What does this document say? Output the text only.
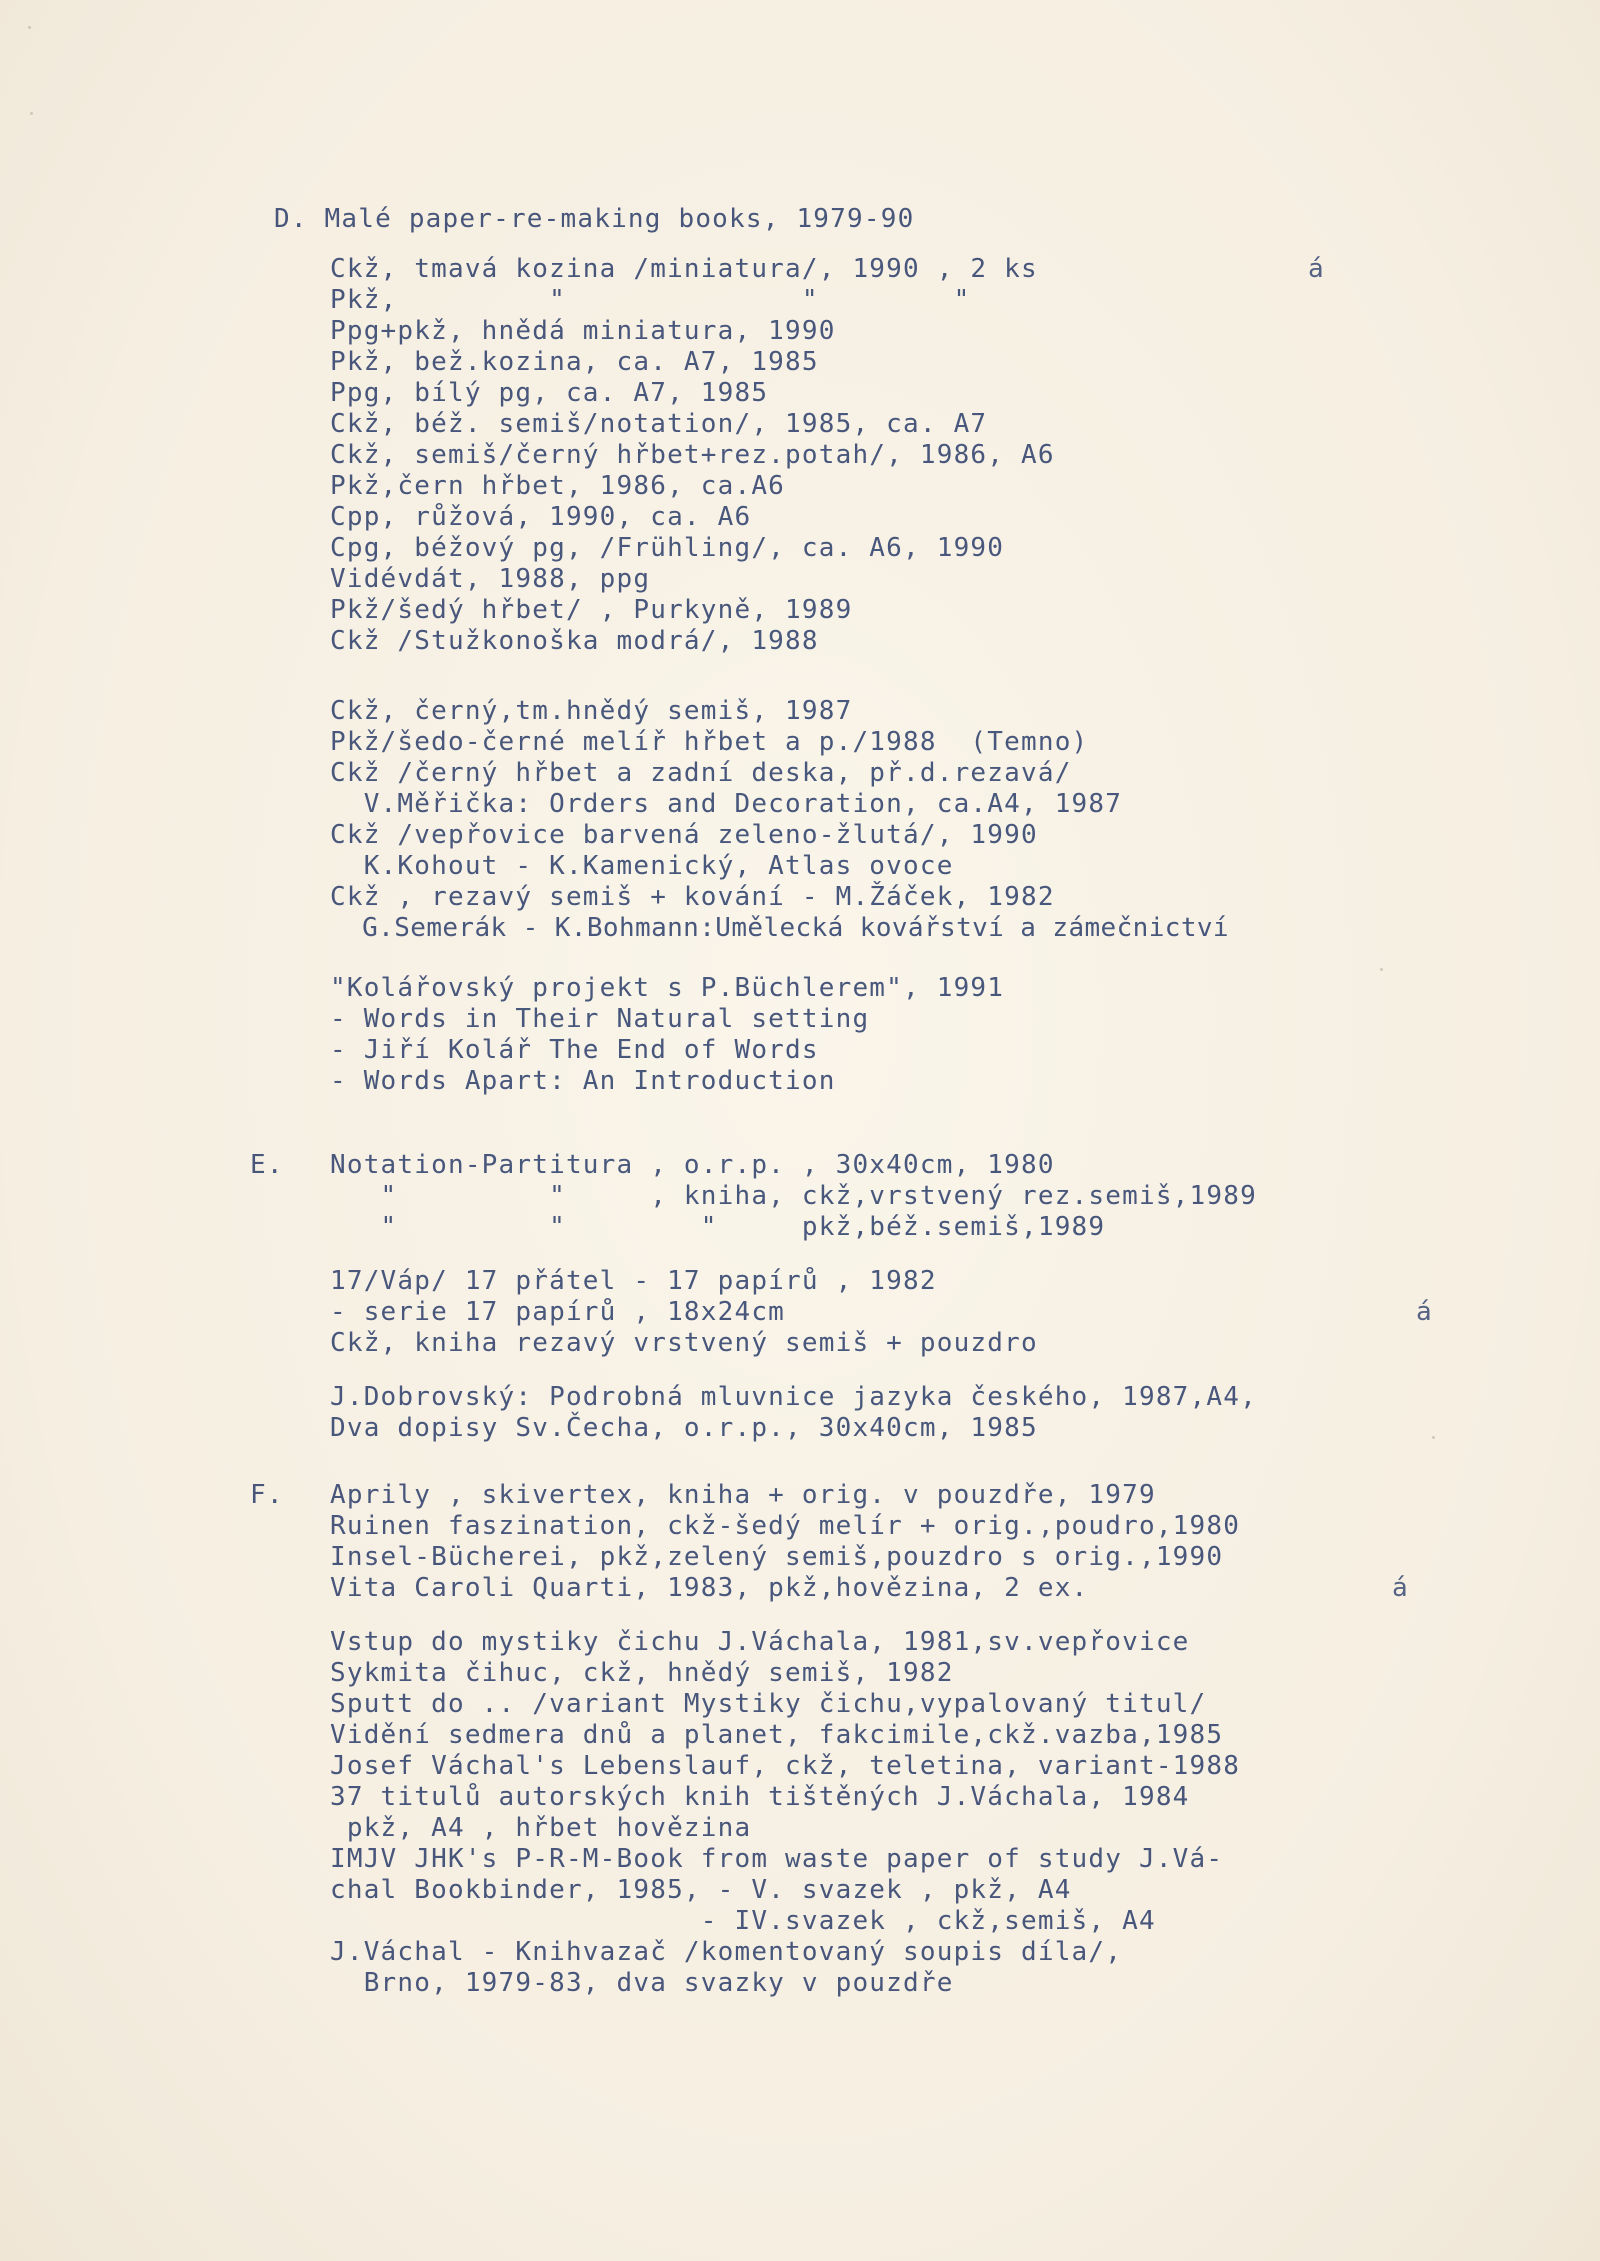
D. Malé paper-re-making books, 1979-90
á
Ckž, tmavá kozina /miniatura/, 1990 , 2 ks
Pkž,         "              "        "
Ppg+pkž, hnědá miniatura, 1990
Pkž, bež.kozina, ca. A7, 1985
Ppg, bílý pg, ca. A7, 1985
Ckž, béž. semiš/notation/, 1985, ca. A7
Ckž, semiš/černý hřbet+rez.potah/, 1986, A6
Pkž,čern hřbet, 1986, ca.A6
Cpp, růžová, 1990, ca. A6
Cpg, béžový pg, /Frühling/, ca. A6, 1990
Vidévdát, 1988, ppg
Pkž/šedý hřbet/ , Purkyně, 1989
Ckž /Stužkonoška modrá/, 1988
Ckž, černý,tm.hnědý semiš, 1987
Pkž/šedo-černé melíř hřbet a p./1988  (Temno)
Ckž /černý hřbet a zadní deska, př.d.rezavá/
V.Měřička: Orders and Decoration, ca.A4, 1987
Ckž /vepřovice barvená zeleno-žlutá/, 1990
K.Kohout - K.Kamenický, Atlas ovoce
Ckž , rezavý semiš + kování - M.Žáček, 1982
G.Semerák - K.Bohmann:Umělecká kovářství a zámečnictví
"Kolářovský projekt s P.Büchlerem", 1991
- Words in Their Natural setting
- Jiří Kolář The End of Words
- Words Apart: An Introduction
E. Notation-Partitura , o.r.p. , 30x40cm, 1980
"         "     , kniha, ckž,vrstvený rez.semiš,1989
"         "        "     pkž,béž.semiš,1989
17/Váp/ 17 přátel - 17 papírů , 1982
- serie 17 papírů , 18x24cm	á
Ckž, kniha rezavý vrstvený semiš + pouzdro
J.Dobrovský: Podrobná mluvnice jazyka českého, 1987,A4,
Dva dopisy Sv.Čecha, o.r.p., 30x40cm, 1985
F. Aprily , skivertex, kniha + orig. v pouzdře, 1979
Ruinen faszination, ckž-šedý melír + orig.,poudro,1980
Insel-Bücherei, pkž,zelený semiš,pouzdro s orig.,1990
Vita Caroli Quarti, 1983, pkž,hovězina, 2 ex.	á
Vstup do mystiky čichu J.Váchala, 1981,sv.vepřovice
Sykmita čihuc, ckž, hnědý semiš, 1982
Sputt do .. /variant Mystiky čichu,vypalovaný titul/
Vidění sedmera dnů a planet, fakcimile,ckž.vazba,1985
Josef Váchal's Lebenslauf, ckž, teletina, variant-1988
37 titulů autorských knih tištěných J.Váchala, 1984
pkž, A4 , hřbet hovězina
IMJV JHK's P-R-M-Book from waste paper of study J.Vá-
chal Bookbinder, 1985, - V. svazek , pkž, A4
- IV.svazek , ckž,semiš, A4
J.Váchal - Knihvazač /komentovaný soupis díla/,
Brno, 1979-83, dva svazky v pouzdře
